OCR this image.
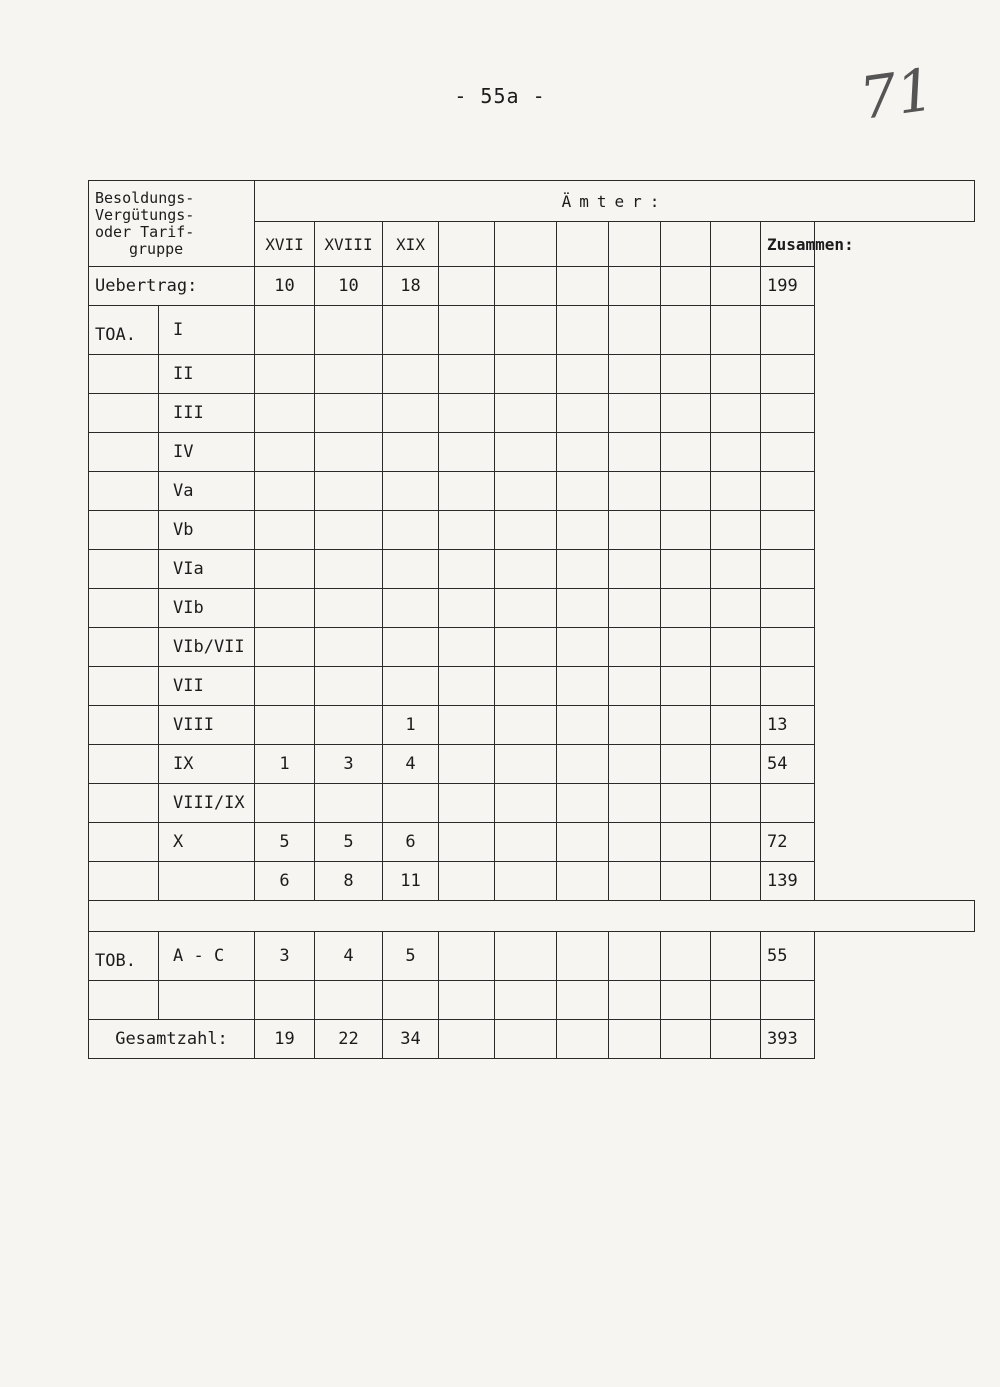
- 55a -	71
Besoldungs-
Vergütungs-
oder Tarif-
gruppe		Ämter:									
		XVII	XVIII	XIX							Zusammen:
Uebertrag:		10	10	18							199
TOA.	I										
	II										
	III										
	IV										
	Va										
	Vb										
	VIa										
	VIb										
	VIb/VII										
	VII										
	VIII			1							13
	IX	1	3	4							54
	VIII/IX										
	X	5	5	6							72
		6	8	11							139

TOB.	A - C	3	4	5							55

Gesamtzahl:		19	22	34							393
